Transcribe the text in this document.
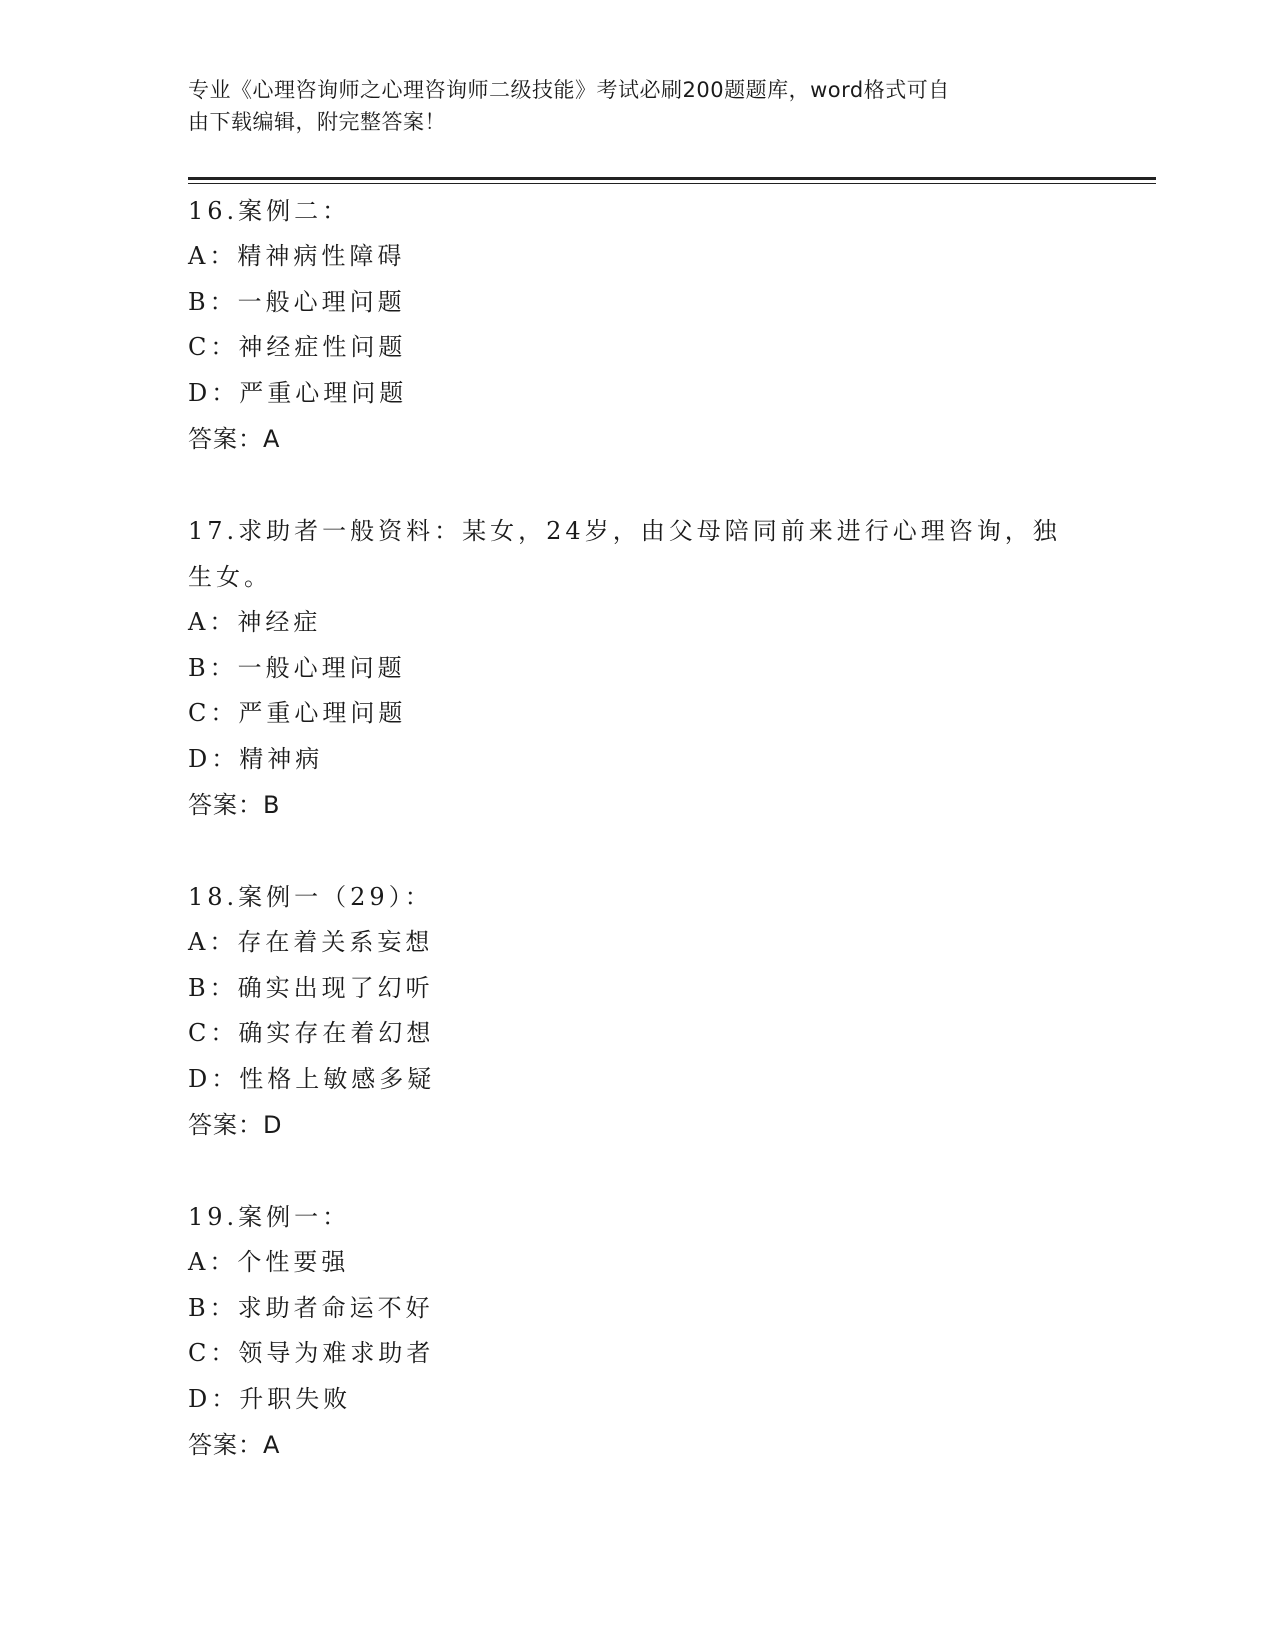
专业《心理咨询师之心理咨询师二级技能》考试必刷200题题库，word格式可自
由下载编辑，附完整答案！
16.案例二：
A：精神病性障碍
B：一般心理问题
C：神经症性问题
D：严重心理问题
答案：A
17.求助者一般资料：某女，24岁，由父母陪同前来进行心理咨询，独
生女。
A：神经症
B：一般心理问题
C：严重心理问题
D：精神病
答案：B
18.案例一（29）：
A：存在着关系妄想
B：确实出现了幻听
C：确实存在着幻想
D：性格上敏感多疑
答案：D
19.案例一：
A：个性要强
B：求助者命运不好
C：领导为难求助者
D：升职失败
答案：A
